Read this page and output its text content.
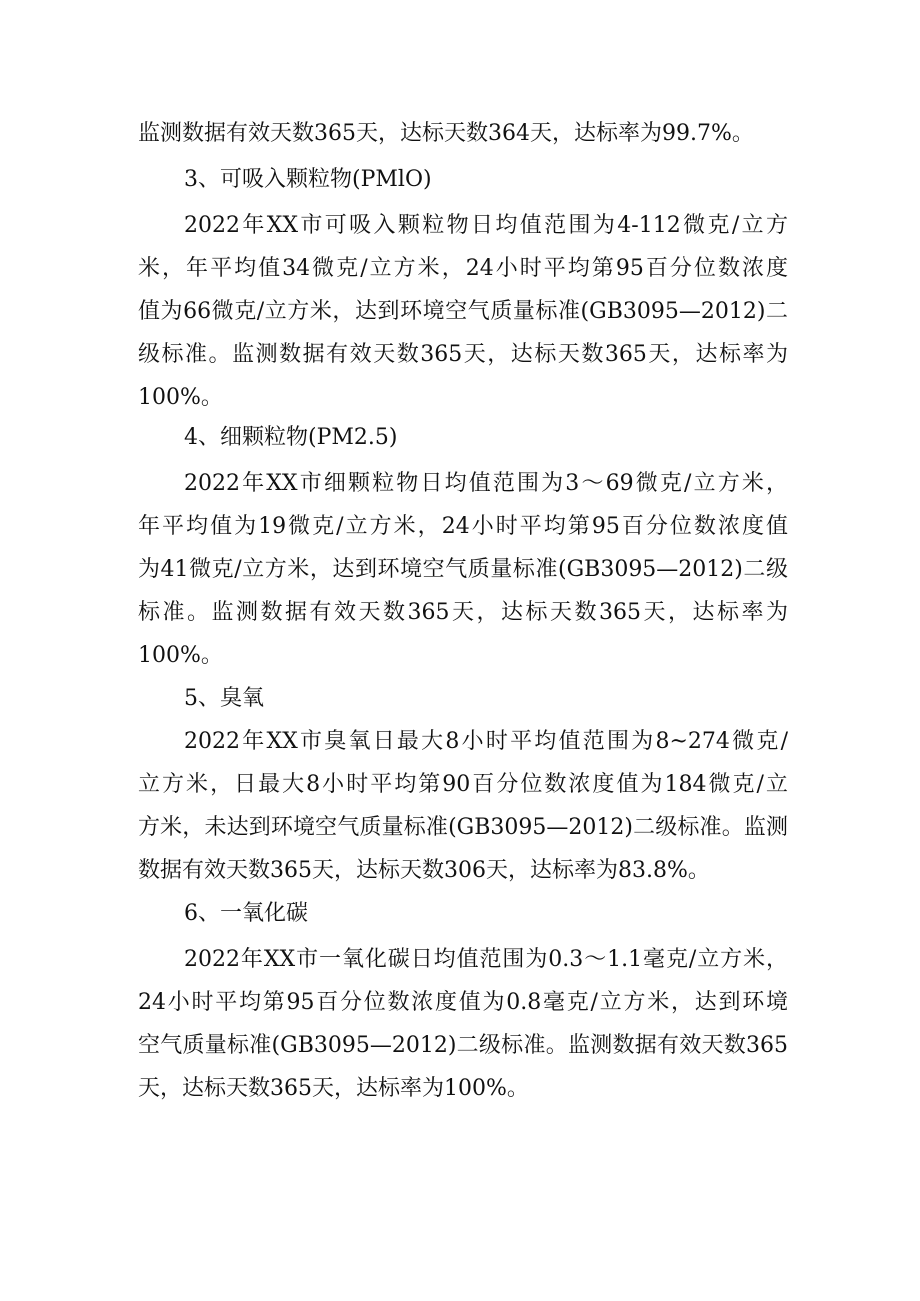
监测数据有效天数365天，达标天数364天，达标率为99.7%。
3、可吸入颗粒物(PMlO)
2022年XX市可吸入颗粒物日均值范围为4-112微克/立方
米，年平均值34微克/立方米，24小时平均第95百分位数浓度
值为66微克/立方米，达到环境空气质量标准(GB3095—2012)二
级标准。监测数据有效天数365天，达标天数365天，达标率为
100%。
4、细颗粒物(PM2.5)
2022年XX市细颗粒物日均值范围为3～69微克/立方米，
年平均值为19微克/立方米，24小时平均第95百分位数浓度值
为41微克/立方米，达到环境空气质量标准(GB3095—2012)二级
标准。监测数据有效天数365天，达标天数365天，达标率为
100%。
5、臭氧
2022年XX市臭氧日最大8小时平均值范围为8~274微克/
立方米，日最大8小时平均第90百分位数浓度值为184微克/立
方米，未达到环境空气质量标准(GB3095—2012)二级标准。监测
数据有效天数365天，达标天数306天，达标率为83.8%。
6、一氧化碳
2022年XX市一氧化碳日均值范围为0.3～1.1毫克/立方米，
24小时平均第95百分位数浓度值为0.8毫克/立方米，达到环境
空气质量标准(GB3095—2012)二级标准。监测数据有效天数365
天，达标天数365天，达标率为100%。
